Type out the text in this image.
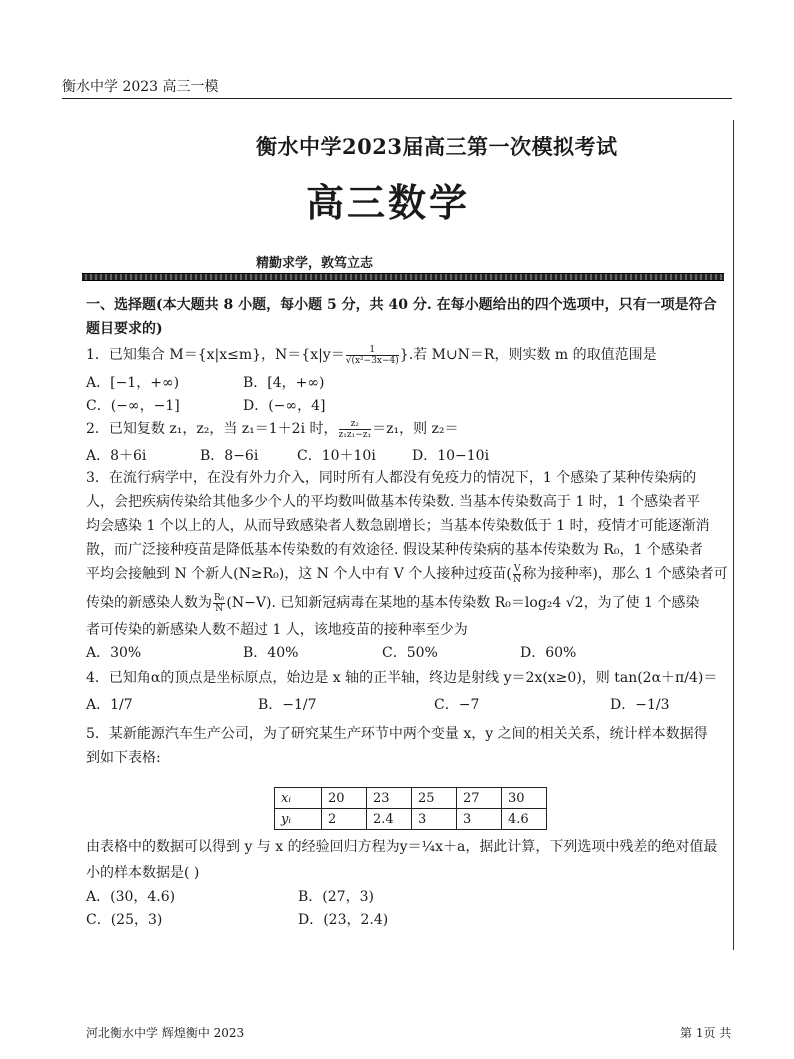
衡水中学 2023 高三一模
衡水中学2023届高三第一次模拟考试
高三数学
精勤求学，敦笃立志
一、选择题(本大题共 8 小题，每小题 5 分，共 40 分. 在每小题给出的四个选项中，只有一项是符合
题目要求的)
1．已知集合 M＝{x|x≤m}，$N=\{x|y= \frac{1}{\text{√(x²−3x−4)}}$ }.若 M∪N＝R，则实数 m 的取值范围是
A．[−1，+∞)	B．[4，+∞)
C．(−∞，−1]	D．(−∞，4]
2．已知复数 z₁，z₂，当 z₁＝1＋2i 时， $\frac{\text{z₂}}{\text{z₁z₁−z₁}} =z_1$，则 z₂＝
A．8＋6i	B．8−6i	C．10＋10i	D．10−10i
3．在流行病学中，在没有外力介入，同时所有人都没有免疫力的情况下，1 个感染了某种传染病的
人，会把疾病传染给其他多少个人的平均数叫做基本传染数. 当基本传染数高于 1 时，1 个感染者平
均会感染 1 个以上的人，从而导致感染者人数急剧增长；当基本传染数低于 1 时，疫情才可能逐渐消
散，而广泛接种疫苗是降低基本传染数的有效途径. 假设某种传染病的基本传染数为 R₀，1 个感染者
平均会接触到 N 个新人(N≥R₀)，这 N 个人中有 V 个人接种过疫苗( $\frac{V}{N}$ 称为接种率)，那么 1 个感染者可
传染的新感染人数为 $\frac{\text{R₀}}{N} (N-V)$. 已知新冠病毒在某地的基本传染数 R₀＝log₂4 √2，为了使 1 个感染
者可传染的新感染人数不超过 1 人，该地疫苗的接种率至少为
A．30%	B．40%	C．50%	D．60%
4．已知角α的顶点是坐标原点，始边是 x 轴的正半轴，终边是射线 y＝2x(x≥0)，则 tan(2α＋π/4)＝
A．1/7	B．−1/7	C．−7	D．−1/3
5．某新能源汽车生产公司，为了研究某生产环节中两个变量 x，y 之间的相关关系，统计样本数据得
到如下表格:
xᵢ	20	23	25	27	30
yᵢ	2	2.4	3	3	4.6
由表格中的数据可以得到 y 与 x 的经验回归方程为y＝¼x＋a，据此计算，下列选项中残差的绝对值最
小的样本数据是( )
A．(30，4.6)	B．(27，3)
C．(25，3)	D．(23，2.4)
河北衡水中学 辉煌衡中 2023	第 1页 共
